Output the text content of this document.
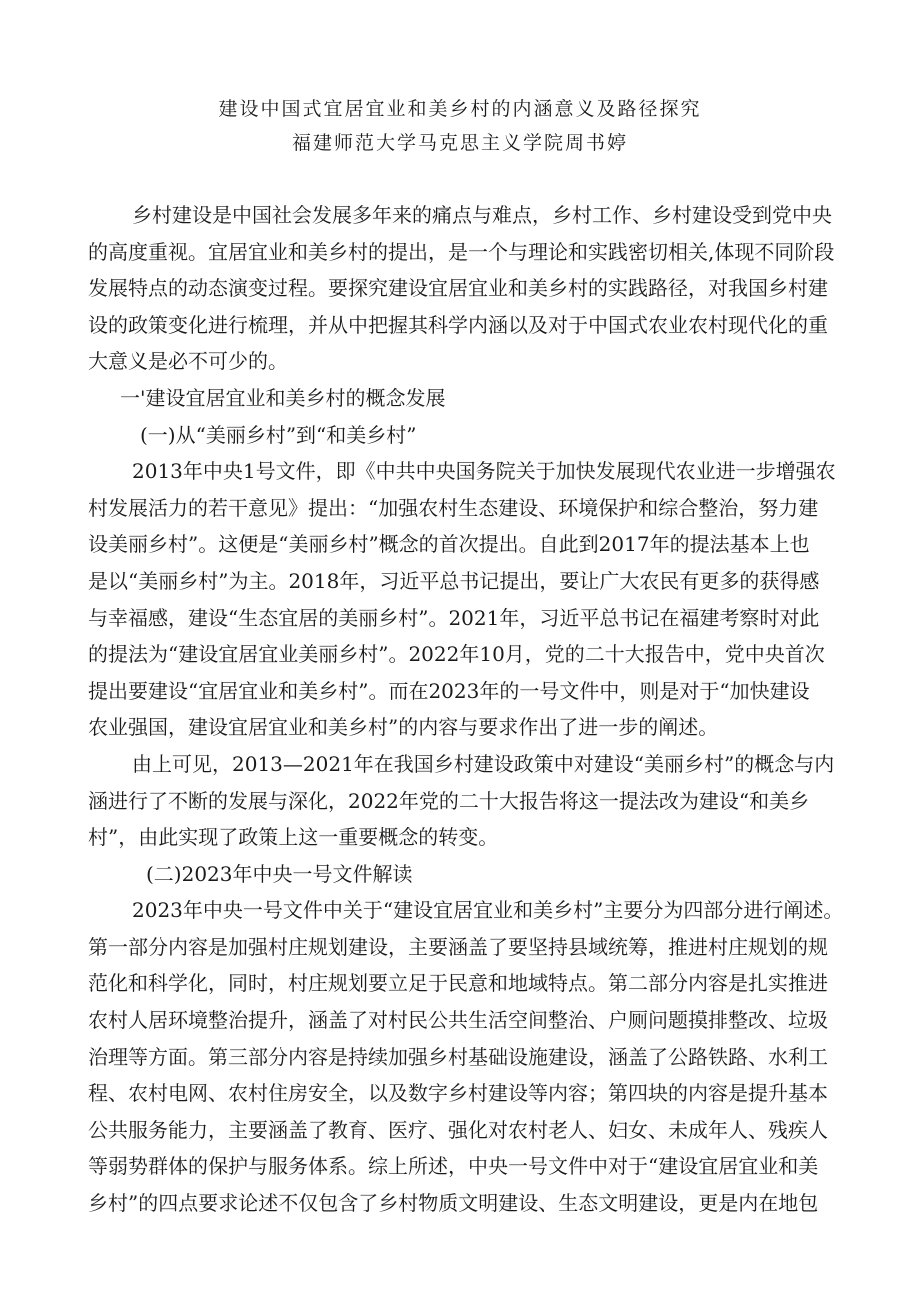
建设中国式宜居宜业和美乡村的内涵意义及路径探究
福建师范大学马克思主义学院周书婷
乡村建设是中国社会发展多年来的痛点与难点，乡村工作、乡村建设受到党中央
的高度重视。宜居宜业和美乡村的提出，是一个与理论和实践密切相关,体现不同阶段
发展特点的动态演变过程。要探究建设宜居宜业和美乡村的实践路径，对我国乡村建
设的政策变化进行梳理，并从中把握其科学内涵以及对于中国式农业农村现代化的重
大意义是必不可少的。
一'建设宜居宜业和美乡村的概念发展
(一)从“美丽乡村”到“和美乡村”
2013年中央1号文件，即《中共中央国务院关于加快发展现代农业进一步增强农
村发展活力的若干意见》提出：“加强农村生态建设、环境保护和综合整治，努力建
设美丽乡村”。这便是“美丽乡村”概念的首次提出。自此到2017年的提法基本上也
是以“美丽乡村”为主。2018年，习近平总书记提出，要让广大农民有更多的获得感
与幸福感，建设“生态宜居的美丽乡村”。2021年，习近平总书记在福建考察时对此
的提法为“建设宜居宜业美丽乡村”。2022年10月，党的二十大报告中，党中央首次
提出要建设“宜居宜业和美乡村”。而在2023年的一号文件中，则是对于“加快建设
农业强国，建设宜居宜业和美乡村”的内容与要求作出了进一步的阐述。
由上可见，2013—2021年在我国乡村建设政策中对建设“美丽乡村”的概念与内
涵进行了不断的发展与深化，2022年党的二十大报告将这一提法改为建设“和美乡
村”，由此实现了政策上这一重要概念的转变。
(二)2023年中央一号文件解读
2023年中央一号文件中关于“建设宜居宜业和美乡村”主要分为四部分进行阐述。
第一部分内容是加强村庄规划建设，主要涵盖了要坚持县域统筹，推进村庄规划的规
范化和科学化，同时，村庄规划要立足于民意和地域特点。第二部分内容是扎实推进
农村人居环境整治提升，涵盖了对村民公共生活空间整治、户厕问题摸排整改、垃圾
治理等方面。第三部分内容是持续加强乡村基础设施建设，涵盖了公路铁路、水利工
程、农村电网、农村住房安全，以及数字乡村建设等内容；第四块的内容是提升基本
公共服务能力，主要涵盖了教育、医疗、强化对农村老人、妇女、未成年人、残疾人
等弱势群体的保护与服务体系。综上所述，中央一号文件中对于“建设宜居宜业和美
乡村”的四点要求论述不仅包含了乡村物质文明建设、生态文明建设，更是内在地包
